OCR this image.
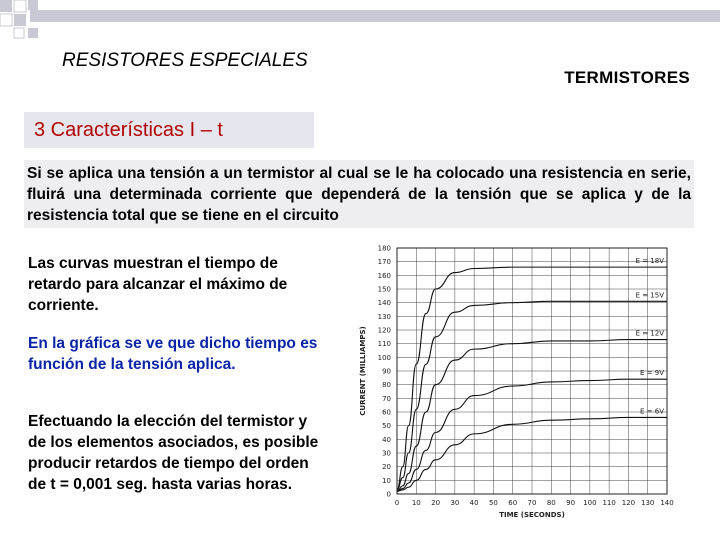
RESISTORES ESPECIALES
TERMISTORES
3 Características I – t
Si se aplica una tensión a un termistor al cual se le ha colocado una resistencia en serie, fluirá una determinada corriente que dependerá de la tensión que se aplica y de la resistencia total que se tiene en el circuito
Las curvas muestran el tiempo de retardo para alcanzar el máximo de corriente.
En la gráfica se ve que dicho tiempo es función de la tensión aplica.
Efectuando la elección del termistor y de los elementos asociados, es posible producir retardos de tiempo del orden de t = 0,001 seg. hasta varias horas.
0
10
20
30
40
50
60
70
80
90
100
110
120
130
140
150
160
170
180
0 10 20 30 40 50 60 70 80 90 100 110 120 130 140
TIME (SECONDS)
CURRENT (MILLIAMPS)
E = 18V
E = 15V
E = 12V
E = 9V
E = 6V
